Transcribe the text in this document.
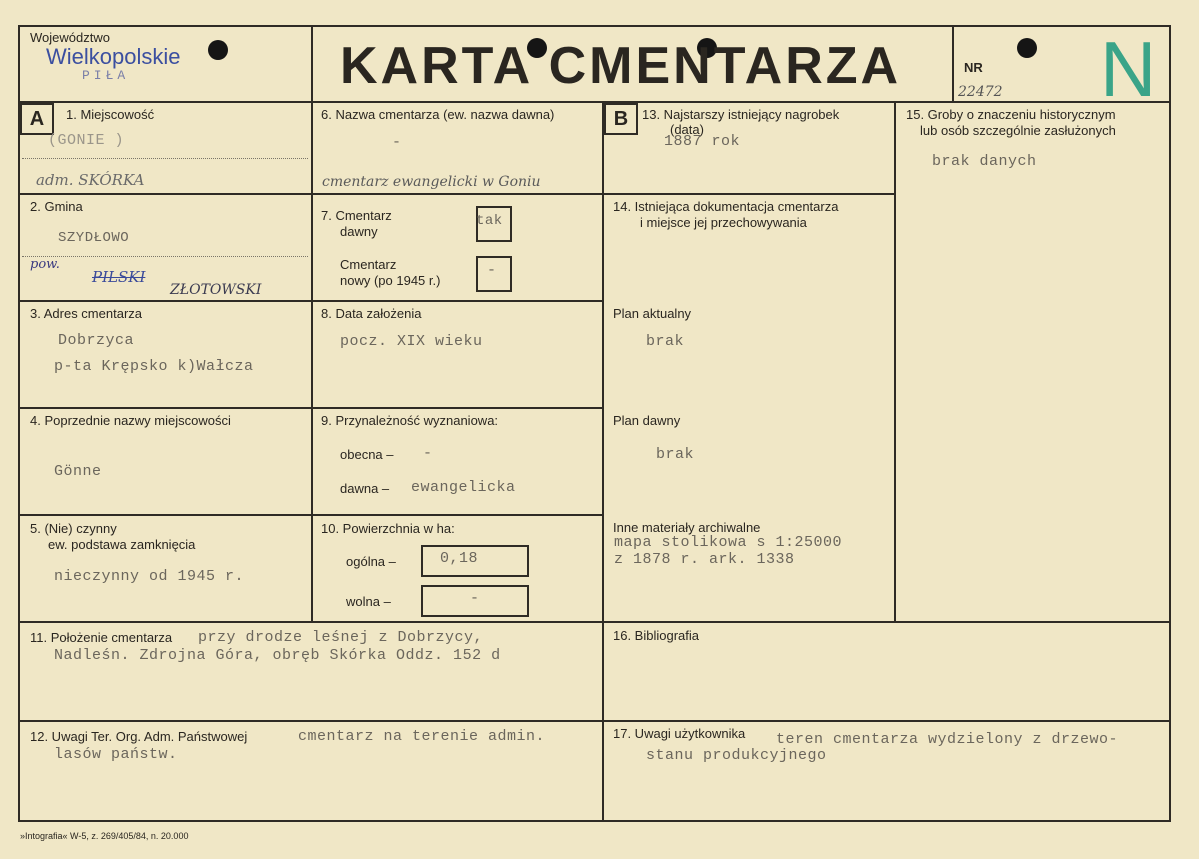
Województwo
Wielkopolskie
PIŁA	KARTA CMENTARZA	NR
22472 N
A	B
1. Miejscowość
(GONIE )
adm. SKÓRKA
2. Gmina
SZYDŁOWO
pow.
PILSKI
ZŁOTOWSKI
3. Adres cmentarza
Dobrzyca
p-ta Krępsko k)Wałcza
4. Poprzednie nazwy miejscowości
Gönne
5. (Nie) czynny
ew. podstawa zamknięcia
nieczynny od 1945 r.
6. Nazwa cmentarza (ew. nazwa dawna)
-
cmentarz ewangelicki w Goniu
7. Cmentarz
dawny
tak
Cmentarz
nowy (po 1945 r.)
-
8. Data założenia
pocz. XIX wieku
9. Przynależność wyznaniowa:
obecna – -
dawna – ewangelicka
10. Powierzchnia w ha:
ogólna –	0,18
wolna –	-
11. Położenie cmentarza przy drodze leśnej z Dobrzycy,
Nadleśn. Zdrojna Góra, obręb Skórka Oddz. 152 d
12. Uwagi Ter. Org. Adm. Państwowej	cmentarz na terenie admin.
lasów państw.
13. Najstarszy istniejący nagrobek
(data)
1887 rok
14. Istniejąca dokumentacja cmentarza
i miejsce jej przechowywania
Plan aktualny
brak
Plan dawny
brak
Inne materiały archiwalne
mapa stolikowa s 1:25000
z 1878 r. ark. 1338
15. Groby o znaczeniu historycznym
lub osób szczególnie zasłużonych
brak danych
16. Bibliografia
17. Uwagi użytkownika teren cmentarza wydzielony z drzewo-
stanu produkcyjnego
»Intografia« W-5, z. 269/405/84, n. 20.000
